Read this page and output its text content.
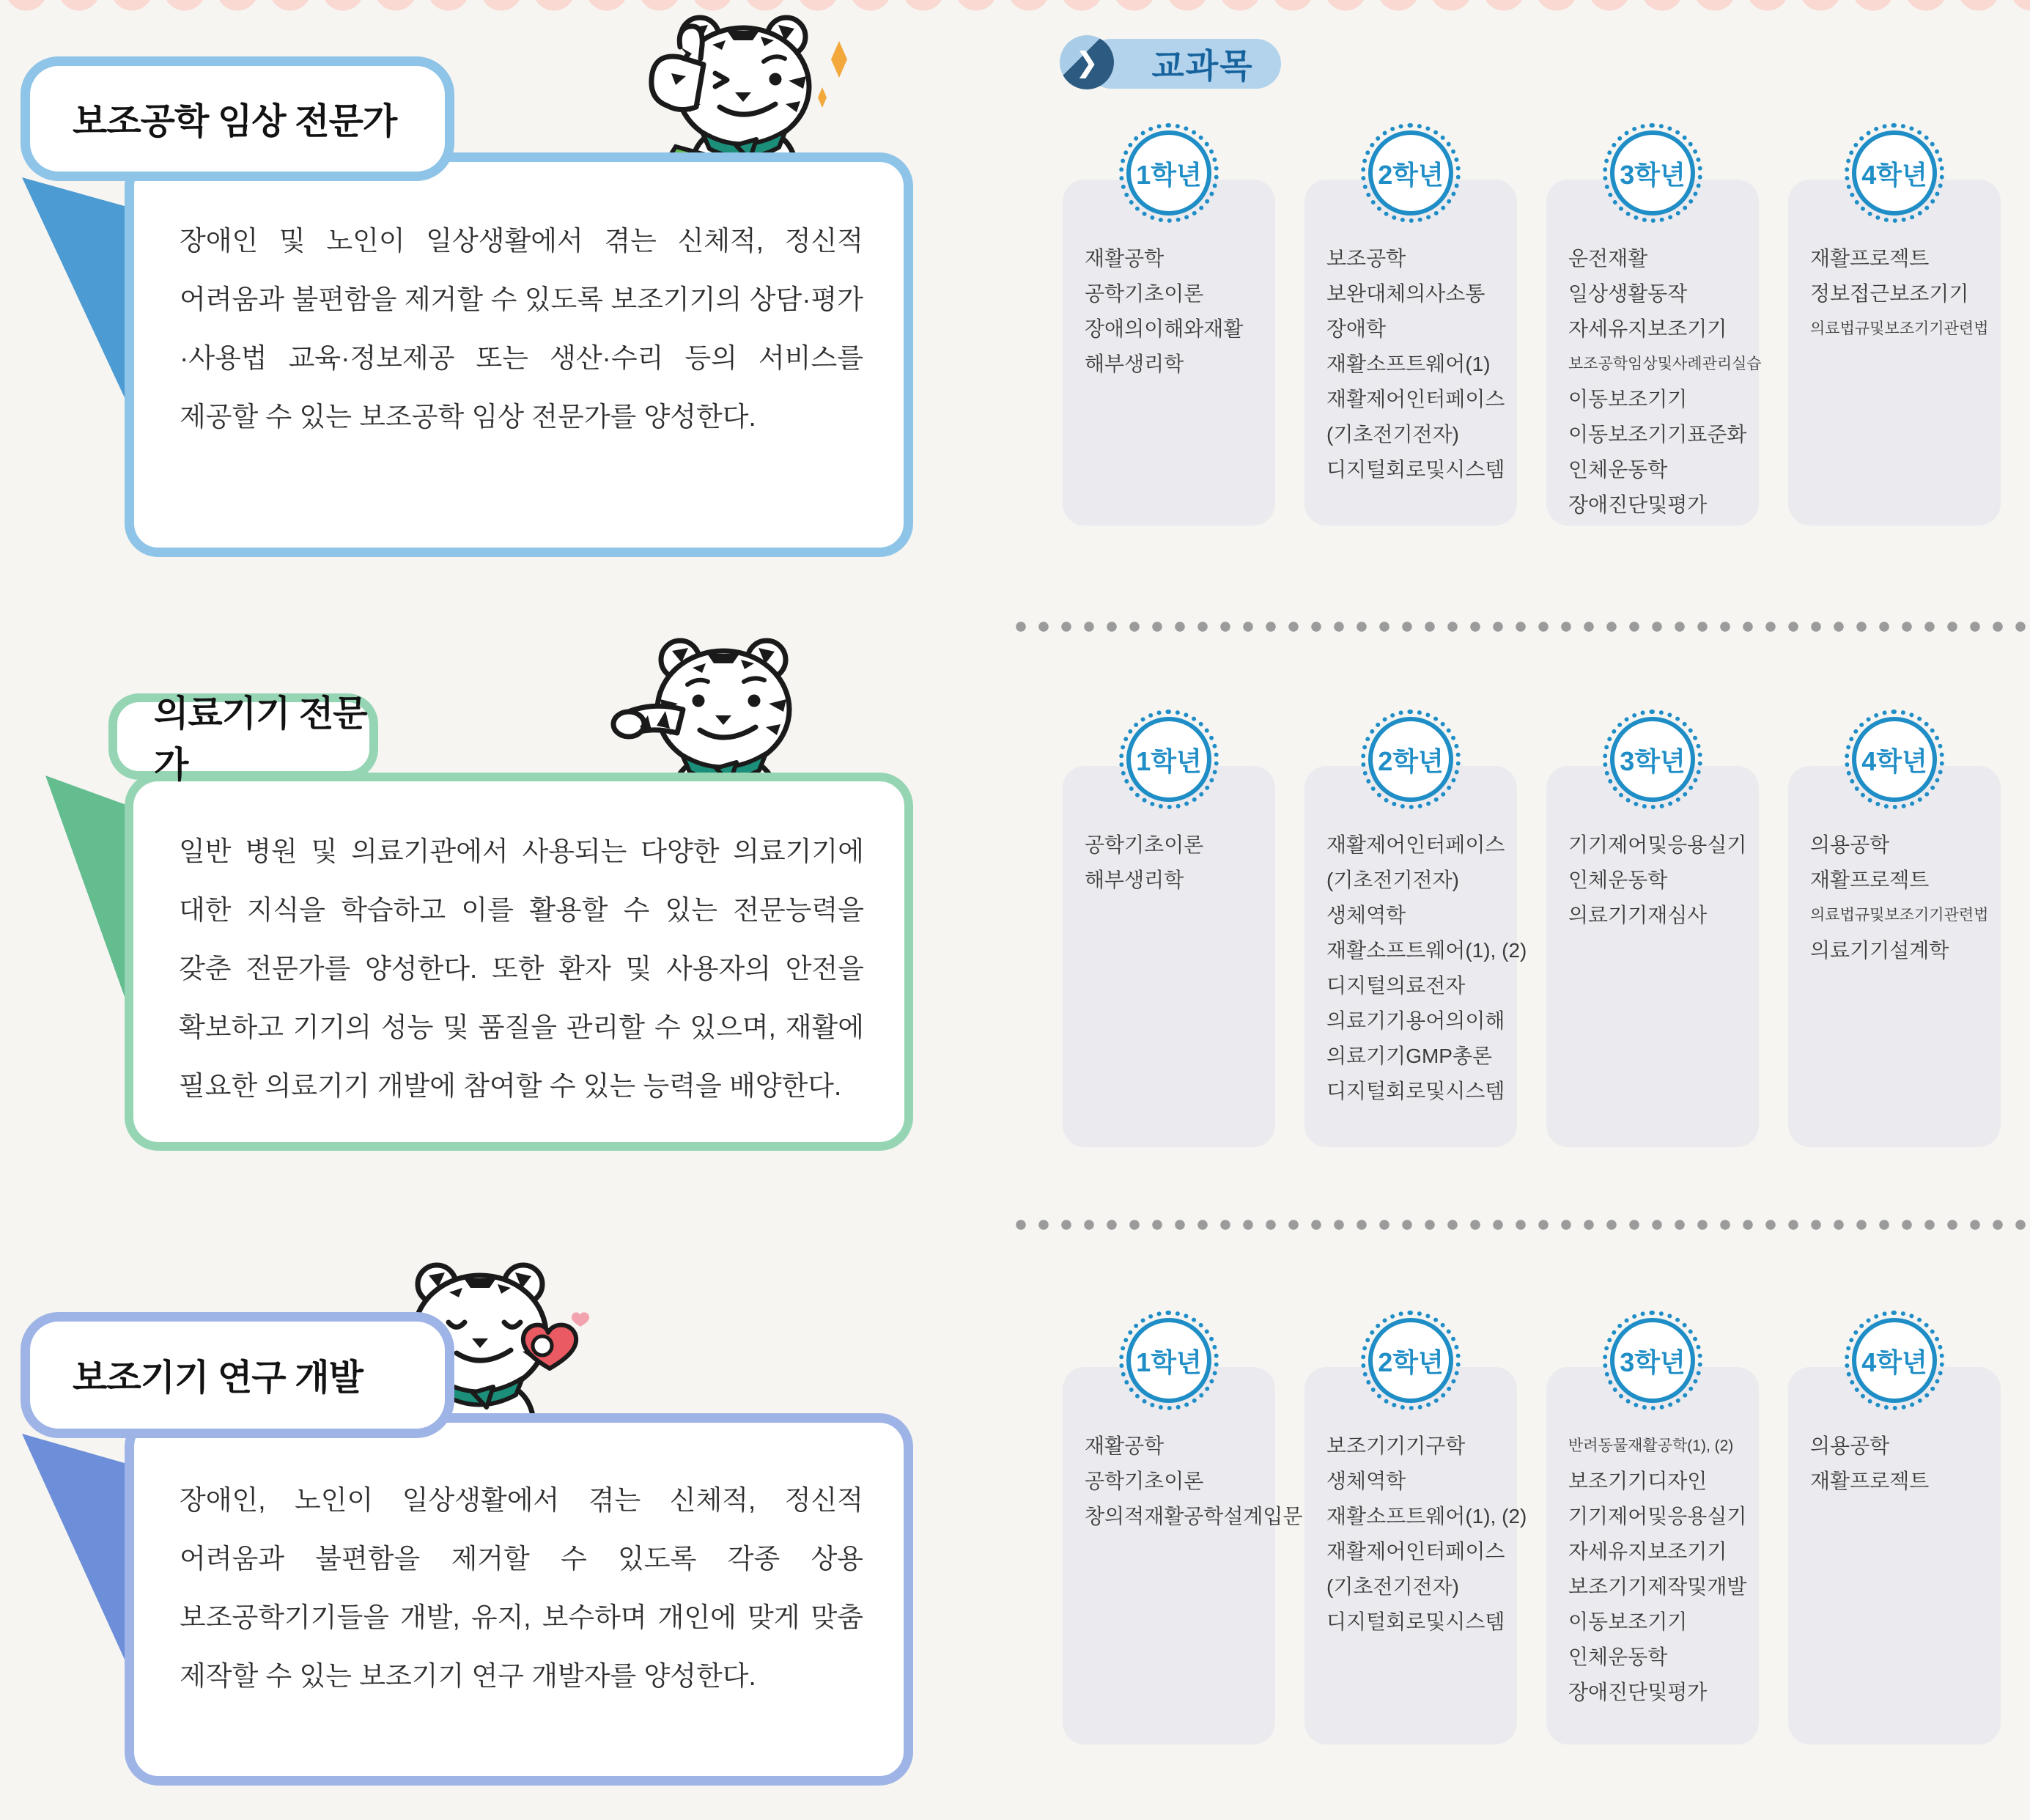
장애인 및 노인이 일상생활에서 겪는 신체적, 정신적 어려움과 불편함을 제거할 수 있도록 보조기기의 상담·평가·사용법 교육·정보제공 또는 생산·수리 등의 서비스를 제공할 수 있는 보조공학 임상 전문가를 양성한다.

보조공학 임상 전문가

일반 병원 및 의료기관에서 사용되는 다양한 의료기기에 대한 지식을 학습하고 이를 활용할 수 있는 전문능력을 갖춘 전문가를 양성한다. 또한 환자 및 사용자의 안전을 확보하고 기기의 성능 및 품질을 관리할 수 있으며, 재활에 필요한 의료기기 개발에 참여할 수 있는 능력을 배양한다.

의료기기 전문가

장애인, 노인이 일상생활에서 겪는 신체적, 정신적 어려움과 불편함을 제거할 수 있도록 각종 상용 보조공학기기들을 개발, 유지, 보수하며 개인에 맞게 맞춤 제작할 수 있는 보조기기 연구 개발자를 양성한다.

보조기기 연구 개발
교과목
❯
1학년
재활공학
공학기초이론
장애의이해와재활
해부생리학
2학년
보조공학
보완대체의사소통
장애학
재활소프트웨어(1)
재활제어인터페이스
(기초전기전자)
디지털회로및시스템
3학년
운전재활
일상생활동작
자세유지보조기기
보조공학임상및사례관리실습
이동보조기기
이동보조기기표준화
인체운동학
장애진단및평가
4학년
재활프로젝트
정보접근보조기기
의료법규및보조기기관련법
1학년
공학기초이론
해부생리학
2학년
재활제어인터페이스
(기초전기전자)
생체역학
재활소프트웨어(1), (2)
디지털의료전자
의료기기용어의이해
의료기기GMP총론
디지털회로및시스템
3학년
기기제어및응용실기
인체운동학
의료기기재심사
4학년
의용공학
재활프로젝트
의료법규및보조기기관련법
의료기기설계학
1학년
재활공학
공학기초이론
창의적재활공학설계입문
2학년
보조기기기구학
생체역학
재활소프트웨어(1), (2)
재활제어인터페이스
(기초전기전자)
디지털회로및시스템
3학년
반려동물재활공학(1), (2)
보조기기디자인
기기제어및응용실기
자세유지보조기기
보조기기제작및개발
이동보조기기
인체운동학
장애진단및평가
4학년
의용공학
재활프로젝트
